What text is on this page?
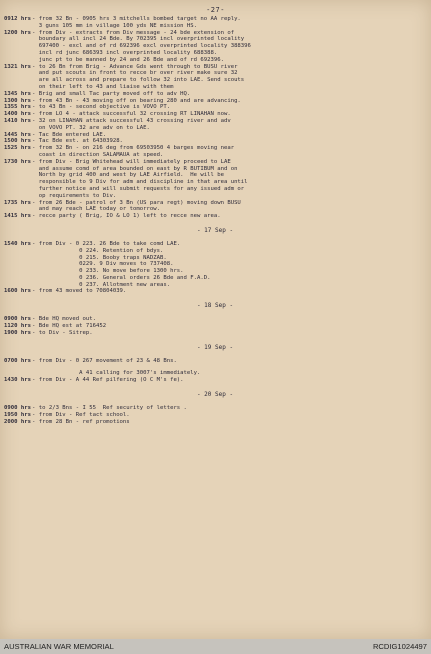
-27-
0912 hrs - from 32 Bn - 0905 hrs 3 mitchells bombed target no AA reply.
3 guns 105 mm in village 100 yds NE mission HS.
1200 hrs - from Div - extracts from Div message - 24 bde extension of
boundary all incl 24 Bde. By 702395 incl overprinted locality
697400 - excl and of rd 692396 excl overprinted locality 388396
incl rd junc 686393 incl overprinted locality 688388.
junc pt to be manned by 24 and 26 Bde and of rd 692396.
1321 hrs - to 26 Bn from Brig - Advance Gds went through to BUSU river
and put scouts in front to recce br over river make sure 32
are all across and prepare to follow 32 into LAE. Send scouts
on their left to 43 and liaise with them
1345 hrs - Brig and small Tac party moved off to adv HQ.
1300 hrs - from 43 Bn - 43 moving off on bearing 280 and are advancing.
1355 hrs - to 43 Bn - second objective is VOVO PT.
1400 hrs - from LO 4 - attack successful 32 crossing RT LINAHAN now.
1410 hrs - 32 on LINAHAN attack successful 43 crossing river and adv
on VOVO PT. 32 are adv on to LAE.
1445 hrs - Tac Bde entered LAE.
1500 hrs - Tac Bde est. at 64303928.
1525 hrs - from 32 Bn - on 216 deg from 69503950 4 barges moving near
coast in direction SALAMAUA at speed.
1730 hrs - from Div - Brig Whitehead will immediately proceed to LAE
and assume comd of area bounded on east by R BUTIBUM and on
North by grid 400 and west by LAE Airfield.  He will be
responsible to 9 Div for adm and discipline in that area until
further notice and will submit requests for any issued adm or
op requirements to Div.
1735 hrs - from 26 Bde - patrol of 3 Bn (US para regt) moving down BUSU
and may reach LAE today or tomorrow.
1415 hrs - recce party ( Brig, IO & LO 1) left to recce new area.
- 17 Sep -
1540 hrs - from Div - 0 223. 26 Bde to take comd LAE.
0 224. Retention of bdys.
0 215. Booby traps NADZAB.
0229. 9 Div moves to 737408.
0 233. No move before 1300 hrs.
0 236. General orders 26 Bde and F.A.D.
0 237. Allotment new areas.
1600 hrs - from 43 moved to 70804039.
- 18 Sep -
0900 hrs - Bde HQ moved out.
1120 hrs - Bde HQ est at 716452
1900 hrs - to Div - Sitrep.
- 19 Sep -
0700 hrs - from Div - 0 267 movement of 23 & 48 Bns.
A 41 calling for 3007's immediately.
1430 hrs - from Div - A 44 Ref pilfering (O C M's fe).
- 20 Sep -
0900 hrs - to 2/3 Bns - I 55  Ref security of letters .
1950 hrs - from Div - Ref tact school.
2000 hrs - from 28 Bn - ref promotions
AUSTRALIAN WAR MEMORIAL	RCDIG1024497
